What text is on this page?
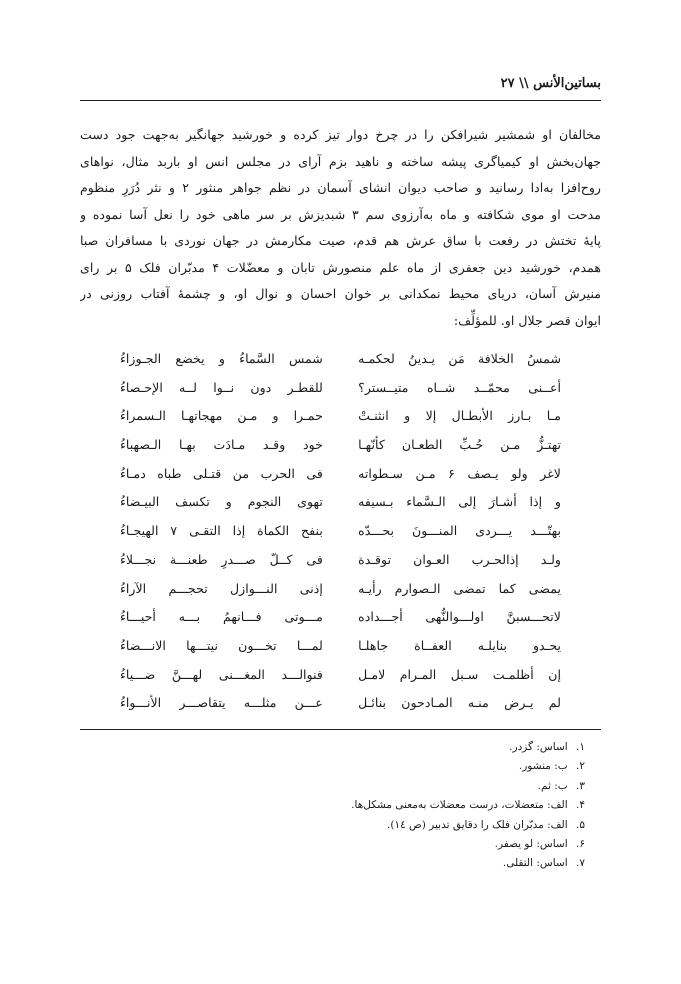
بساتین‌الأنس \\ ۲۷
مخالفان او شمشیر شیرافکن را در چرخ دوار تیز کرده و خورشید جهانگیر به‌جهت جود دست
جهان‌بخش او کیمیاگری پیشه ساخته و ناهید بزم آرای در مجلس انس او باربد مثال، نواهای
روح‌افزا به‌ادا رسانید و صاحب دیوان انشای آسمان در نظم جواهر منثور ۲ و نثر دُرَرِ منظوم
مدحت او موی شکافته و ماه به‌آرزوی سم ۳ شبدیزش بر سر ماهی خود را نعل آسا نموده و
پایهٔ تختش در رفعت با ساق عرش هم قدم، صیت مکارمش در جهان نوردی با مسافران صبا
همدم، خورشید دین جعفری از ماه علم منصورش تابان و معضّلات ۴ مدبّران فلک ۵ بر رای
منیرش آسان، دریای محیط نمکدانی بر خوان احسان و نوال او، و چشمهٔ آفتاب روزنی در
ایوان قصر جلال او. للمؤلِّف:
شمسُ الخلافة مَن یـدینُ لحکمـه
شمس السَّماءُ و یخضع الجـوزاءُ
أعــنی محمّــد شــاه متیــستر؟
للقطـر دون نــوا لــه الإحـصاءُ
مـا بـارز الأبطـال إلا و انثنـتْ
حمـرا و مـن مهجاتهـا الـسمراءُ
تهتـزُّ مـن حُـبِّ الطعـان کأنّهـا
خود وقـد مـادَت بهـا الـصهباءُ
لاغر ولو یـصف ۶ مـن سـطواته
فی الحرب من قتـلی طباه دمـاءُ
و إذا أشـارَ إلی الـسَّماء بـسیفه
تهوی النجوم و تکسف البیـضاءُ
بهتّـــد یـــردی المنـــونَ بحـــدّه
بنفح الکماة إذا التقـی ۷ الهیجـاءُ
ولـد إذالحـرب العـوان توقـدة
فی کــلّ صـــدرِ طعنـــة نجـــلاءُ
یمضی کما تمضی الـصوارم رأیـه
إذنی النـــوازل تحجـــم الآراءُ
لاتحـــسبنَّ اولـــوالنُّهی أجـــداده
مـــوتی فـــانهمُ بـــه أحیـــاءُ
یحـدو بنایلـه العفــاة جاهلـا
لمـــا تخـــون نیتـــها الانـــضاءُ
إن أظلمـت سـبل المـرام لامـل
فنوالـــد المغـــنی لهـــنَّ ضـــیاءُ
لم یـرض منـه المـادحون بنائـل
عـــن مثلـــه یتقاصـــر الأنـــواءُ
۱. اساس: گزدر.
۲. ب: منشور.
۳. ب: ثم.
۴. الف: متعضلات، درست معضلات به‌معنی مشکل‌ها.
۵. الف: مدبّران فلک را دقایق تدبیر (ص ١٤).
۶. اساس: لو یصفر.
۷. اساس: التقلی.
